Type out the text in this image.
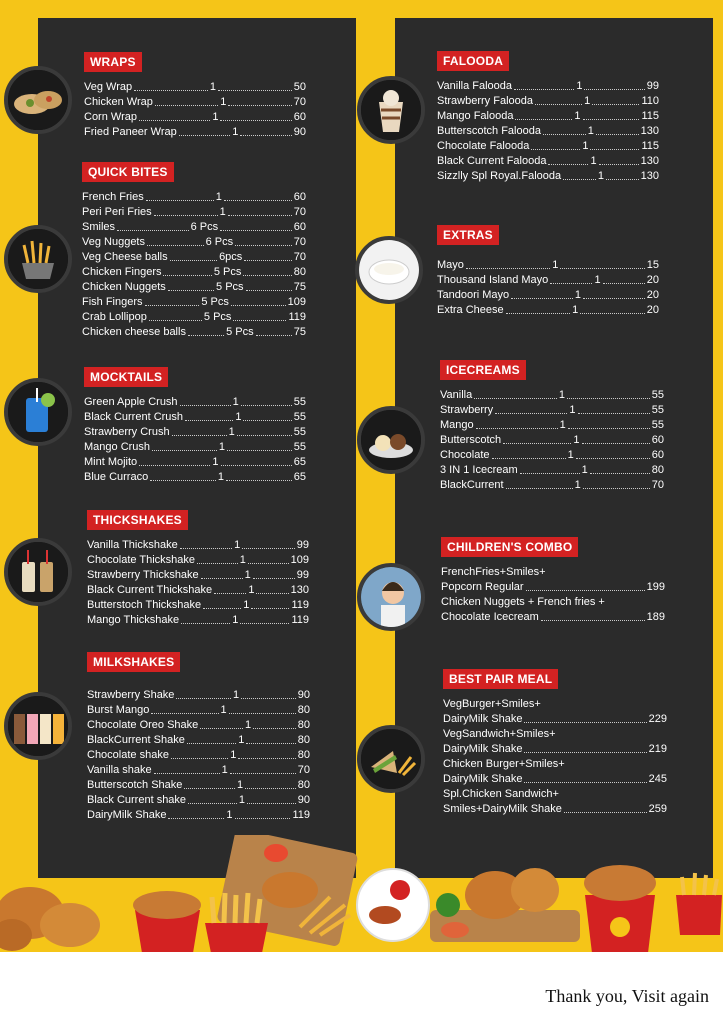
WRAPS
Veg Wrap	1	50
Chicken Wrap	1	70
Corn Wrap	1	60
Fried Paneer Wrap	1	90
QUICK BITES
French Fries	1	60
Peri Peri Fries	1	70
Smiles	6 Pcs	60
Veg Nuggets	6 Pcs	70
Veg Cheese balls	6pcs	70
Chicken Fingers	5 Pcs	80
Chicken Nuggets	5 Pcs	75
Fish Fingers	5 Pcs	109
Crab Lollipop	5 Pcs	119
Chicken cheese balls	5 Pcs	75
MOCKTAILS
Green Apple Crush	1	55
Black Current Crush	1	55
Strawberry Crush	1	55
Mango Crush	1	55
Mint Mojito	1	65
Blue Curraco	1	65
THICKSHAKES
Vanilla Thickshake	1	99
Chocolate Thickshake	1	109
Strawberry Thickshake	1	99
Black Current Thickshake	1	130
Butterstoch Thickshake	1	119
Mango Thickshake	1	119
MILKSHAKES
Strawberry Shake	1	90
Burst Mango	1	80
Chocolate Oreo Shake	1	80
BlackCurrent Shake	1	80
Chocolate shake	1	80
Vanilla shake	1	70
Butterscotch Shake	1	80
Black Current shake	1	90
DairyMilk Shake	1	119
FALOODA
Vanilla Falooda	1	99
Strawberry Falooda	1	110
Mango Falooda	1	115
Butterscotch Falooda	1	130
Chocolate Falooda	1	115
Black Current Falooda	1	130
Sizzlly Spl Royal.Falooda	1	130
EXTRAS
Mayo	1	15
Thousand Island Mayo	1	20
Tandoori Mayo	1	20
Extra Cheese	1	20
ICECREAMS
Vanilla	1	55
Strawberry	1	55
Mango	1	55
Butterscotch	1	60
Chocolate	1	60
3 IN 1 Icecream	1	80
BlackCurrent	1	70
CHILDREN'S COMBO
FrenchFries+Smiles+
Popcorn Regular	199
Chicken Nuggets + French fries +
Chocolate Icecream	189
BEST PAIR MEAL
VegBurger+Smiles+
DairyMilk Shake	229
VegSandwich+Smiles+
DairyMilk Shake	219
Chicken Burger+Smiles+
DairyMilk Shake	245
Spl.Chicken Sandwich+
Smiles+DairyMilk Shake	259
Thank you, Visit again
